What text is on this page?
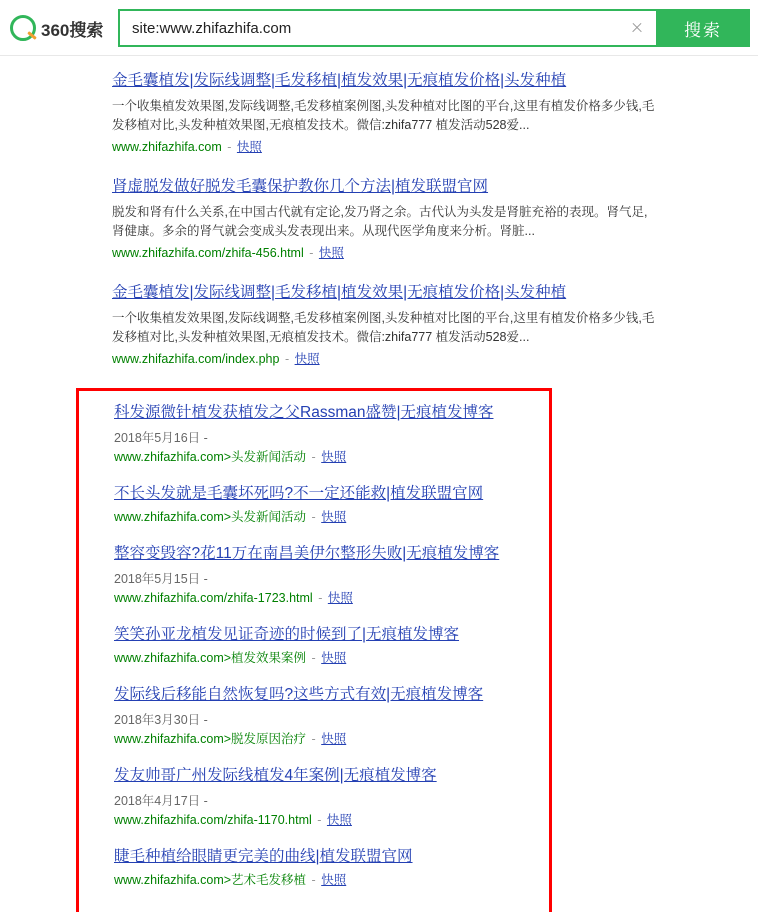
360搜索
site:www.zhifazhifa.com	搜索
金毛囊植发|发际线调整|毛发移植|植发效果|无痕植发价格|头发种植
一个收集植发效果图,发际线调整,毛发移植案例图,头发种植对比图的平台,这里有植发价格多少钱,毛发移植对比,头发种植效果图,无痕植发技术。微信:zhifa777 植发活动528爱...
www.zhifazhifa.com - 快照
肾虚脱发做好脱发毛囊保护教你几个方法|植发联盟官网
脱发和肾有什么关系,在中国古代就有定论,发乃肾之余。古代认为头发是肾脏充裕的表现。肾气足,肾健康。多余的肾气就会变成头发表现出来。从现代医学角度来分析。肾脏...
www.zhifazhifa.com/zhifa-456.html - 快照
金毛囊植发|发际线调整|毛发移植|植发效果|无痕植发价格|头发种植
一个收集植发效果图,发际线调整,毛发移植案例图,头发种植对比图的平台,这里有植发价格多少钱,毛发移植对比,头发种植效果图,无痕植发技术。微信:zhifa777 植发活动528爱...
www.zhifazhifa.com/index.php - 快照
科发源微针植发获植发之父Rassman盛赞|无痕植发博客
2018年5月16日 -
www.zhifazhifa.com>头发新闻活动 - 快照
不长头发就是毛囊坏死吗?不一定还能救|植发联盟官网
www.zhifazhifa.com>头发新闻活动 - 快照
整容变毁容?花11万在南昌美伊尔整形失败|无痕植发博客
2018年5月15日 -
www.zhifazhifa.com/zhifa-1723.html - 快照
笑笑孙亚龙植发见证奇迹的时候到了|无痕植发博客
www.zhifazhifa.com>植发效果案例 - 快照
发际线后移能自然恢复吗?这些方式有效|无痕植发博客
2018年3月30日 -
www.zhifazhifa.com>脱发原因治疗 - 快照
发友帅哥广州发际线植发4年案例|无痕植发博客
2018年4月17日 -
www.zhifazhifa.com/zhifa-1170.html - 快照
睫毛种植给眼睛更完美的曲线|植发联盟官网
www.zhifazhifa.com>艺术毛发移植 - 快照
